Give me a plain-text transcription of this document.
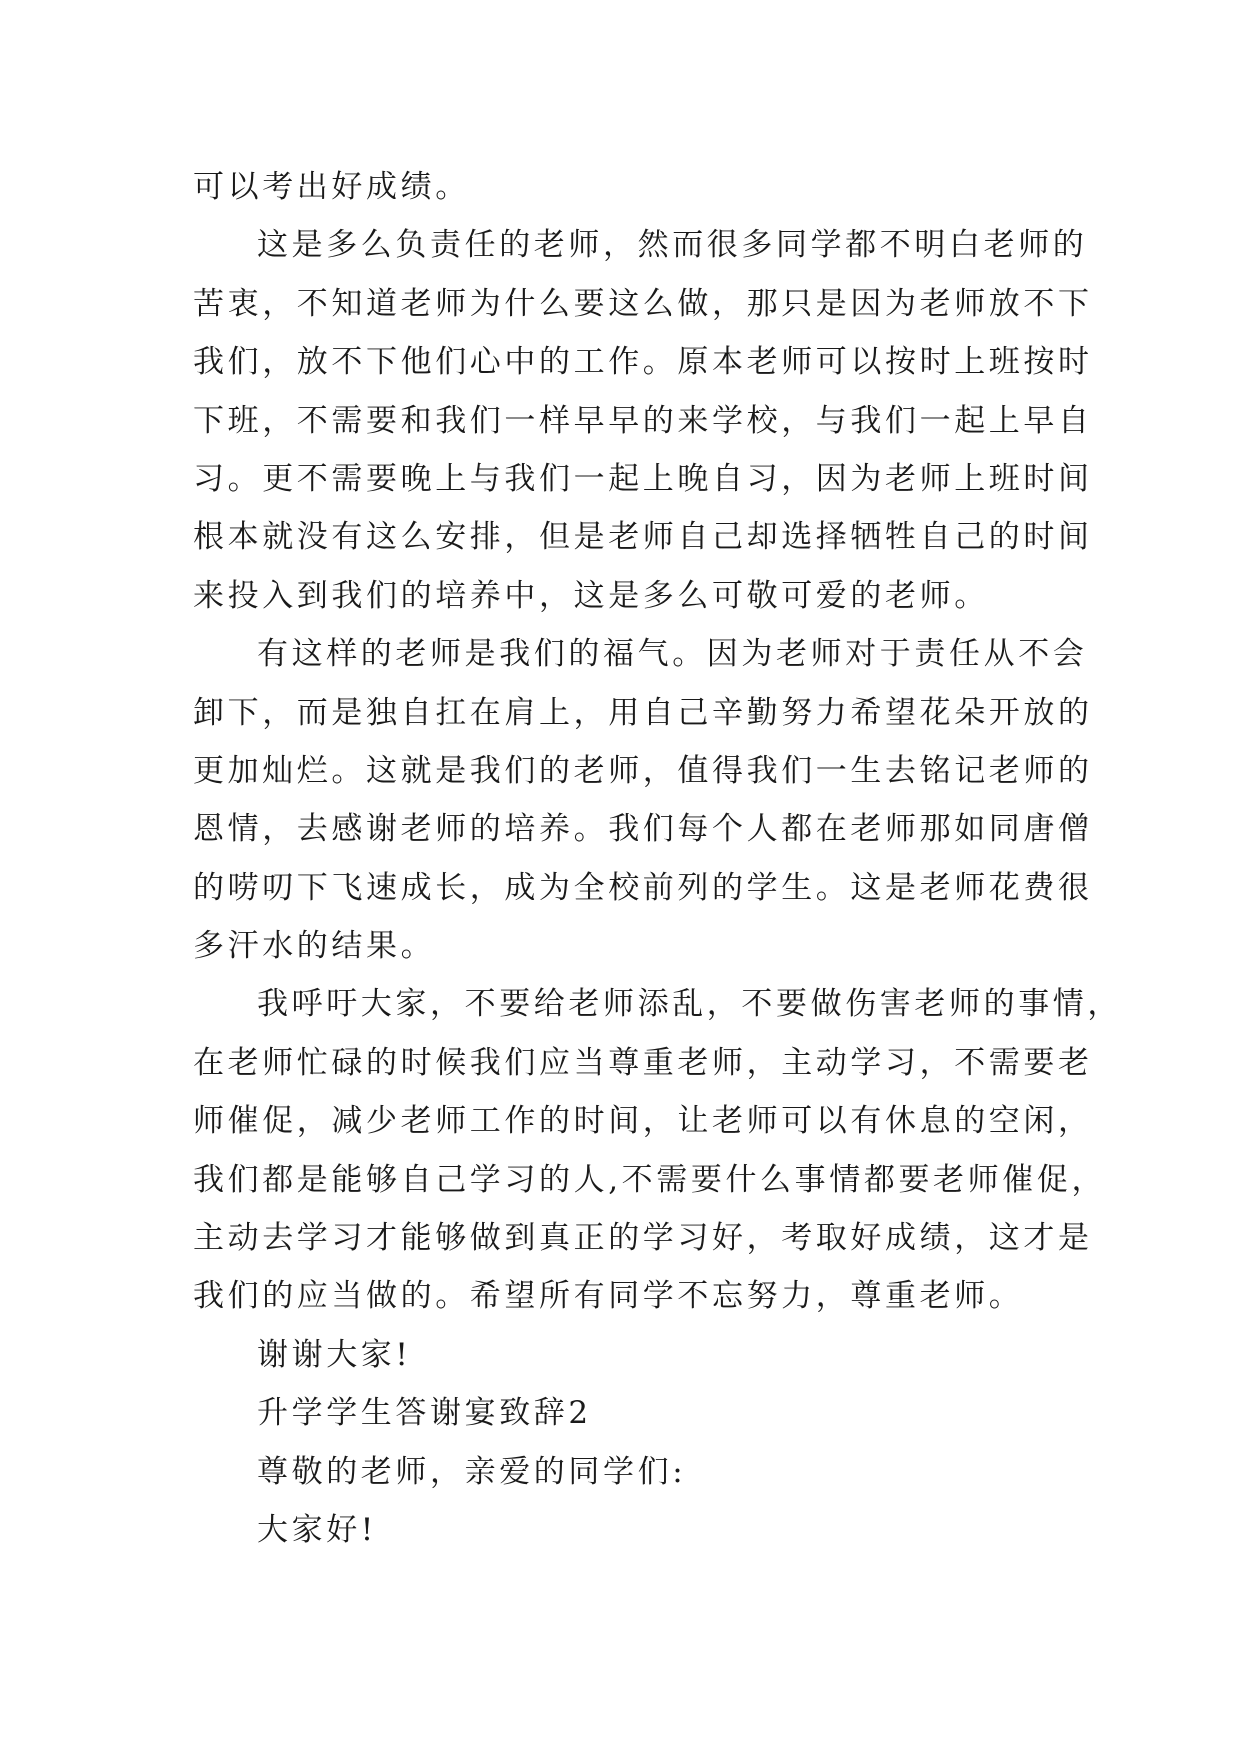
可以考出好成绩。
这是多么负责任的老师，然而很多同学都不明白老师的
苦衷，不知道老师为什么要这么做，那只是因为老师放不下
我们，放不下他们心中的工作。原本老师可以按时上班按时
下班，不需要和我们一样早早的来学校，与我们一起上早自
习。更不需要晚上与我们一起上晚自习，因为老师上班时间
根本就没有这么安排，但是老师自己却选择牺牲自己的时间
来投入到我们的培养中，这是多么可敬可爱的老师。
有这样的老师是我们的福气。因为老师对于责任从不会
卸下，而是独自扛在肩上，用自己辛勤努力希望花朵开放的
更加灿烂。这就是我们的老师，值得我们一生去铭记老师的
恩情，去感谢老师的培养。我们每个人都在老师那如同唐僧
的唠叨下飞速成长，成为全校前列的学生。这是老师花费很
多汗水的结果。
我呼吁大家，不要给老师添乱，不要做伤害老师的事情，
在老师忙碌的时候我们应当尊重老师，主动学习，不需要老
师催促，减少老师工作的时间，让老师可以有休息的空闲，
我们都是能够自己学习的人,不需要什么事情都要老师催促，
主动去学习才能够做到真正的学习好，考取好成绩，这才是
我们的应当做的。希望所有同学不忘努力，尊重老师。
谢谢大家!
升学学生答谢宴致辞2
尊敬的老师，亲爱的同学们:
大家好!
